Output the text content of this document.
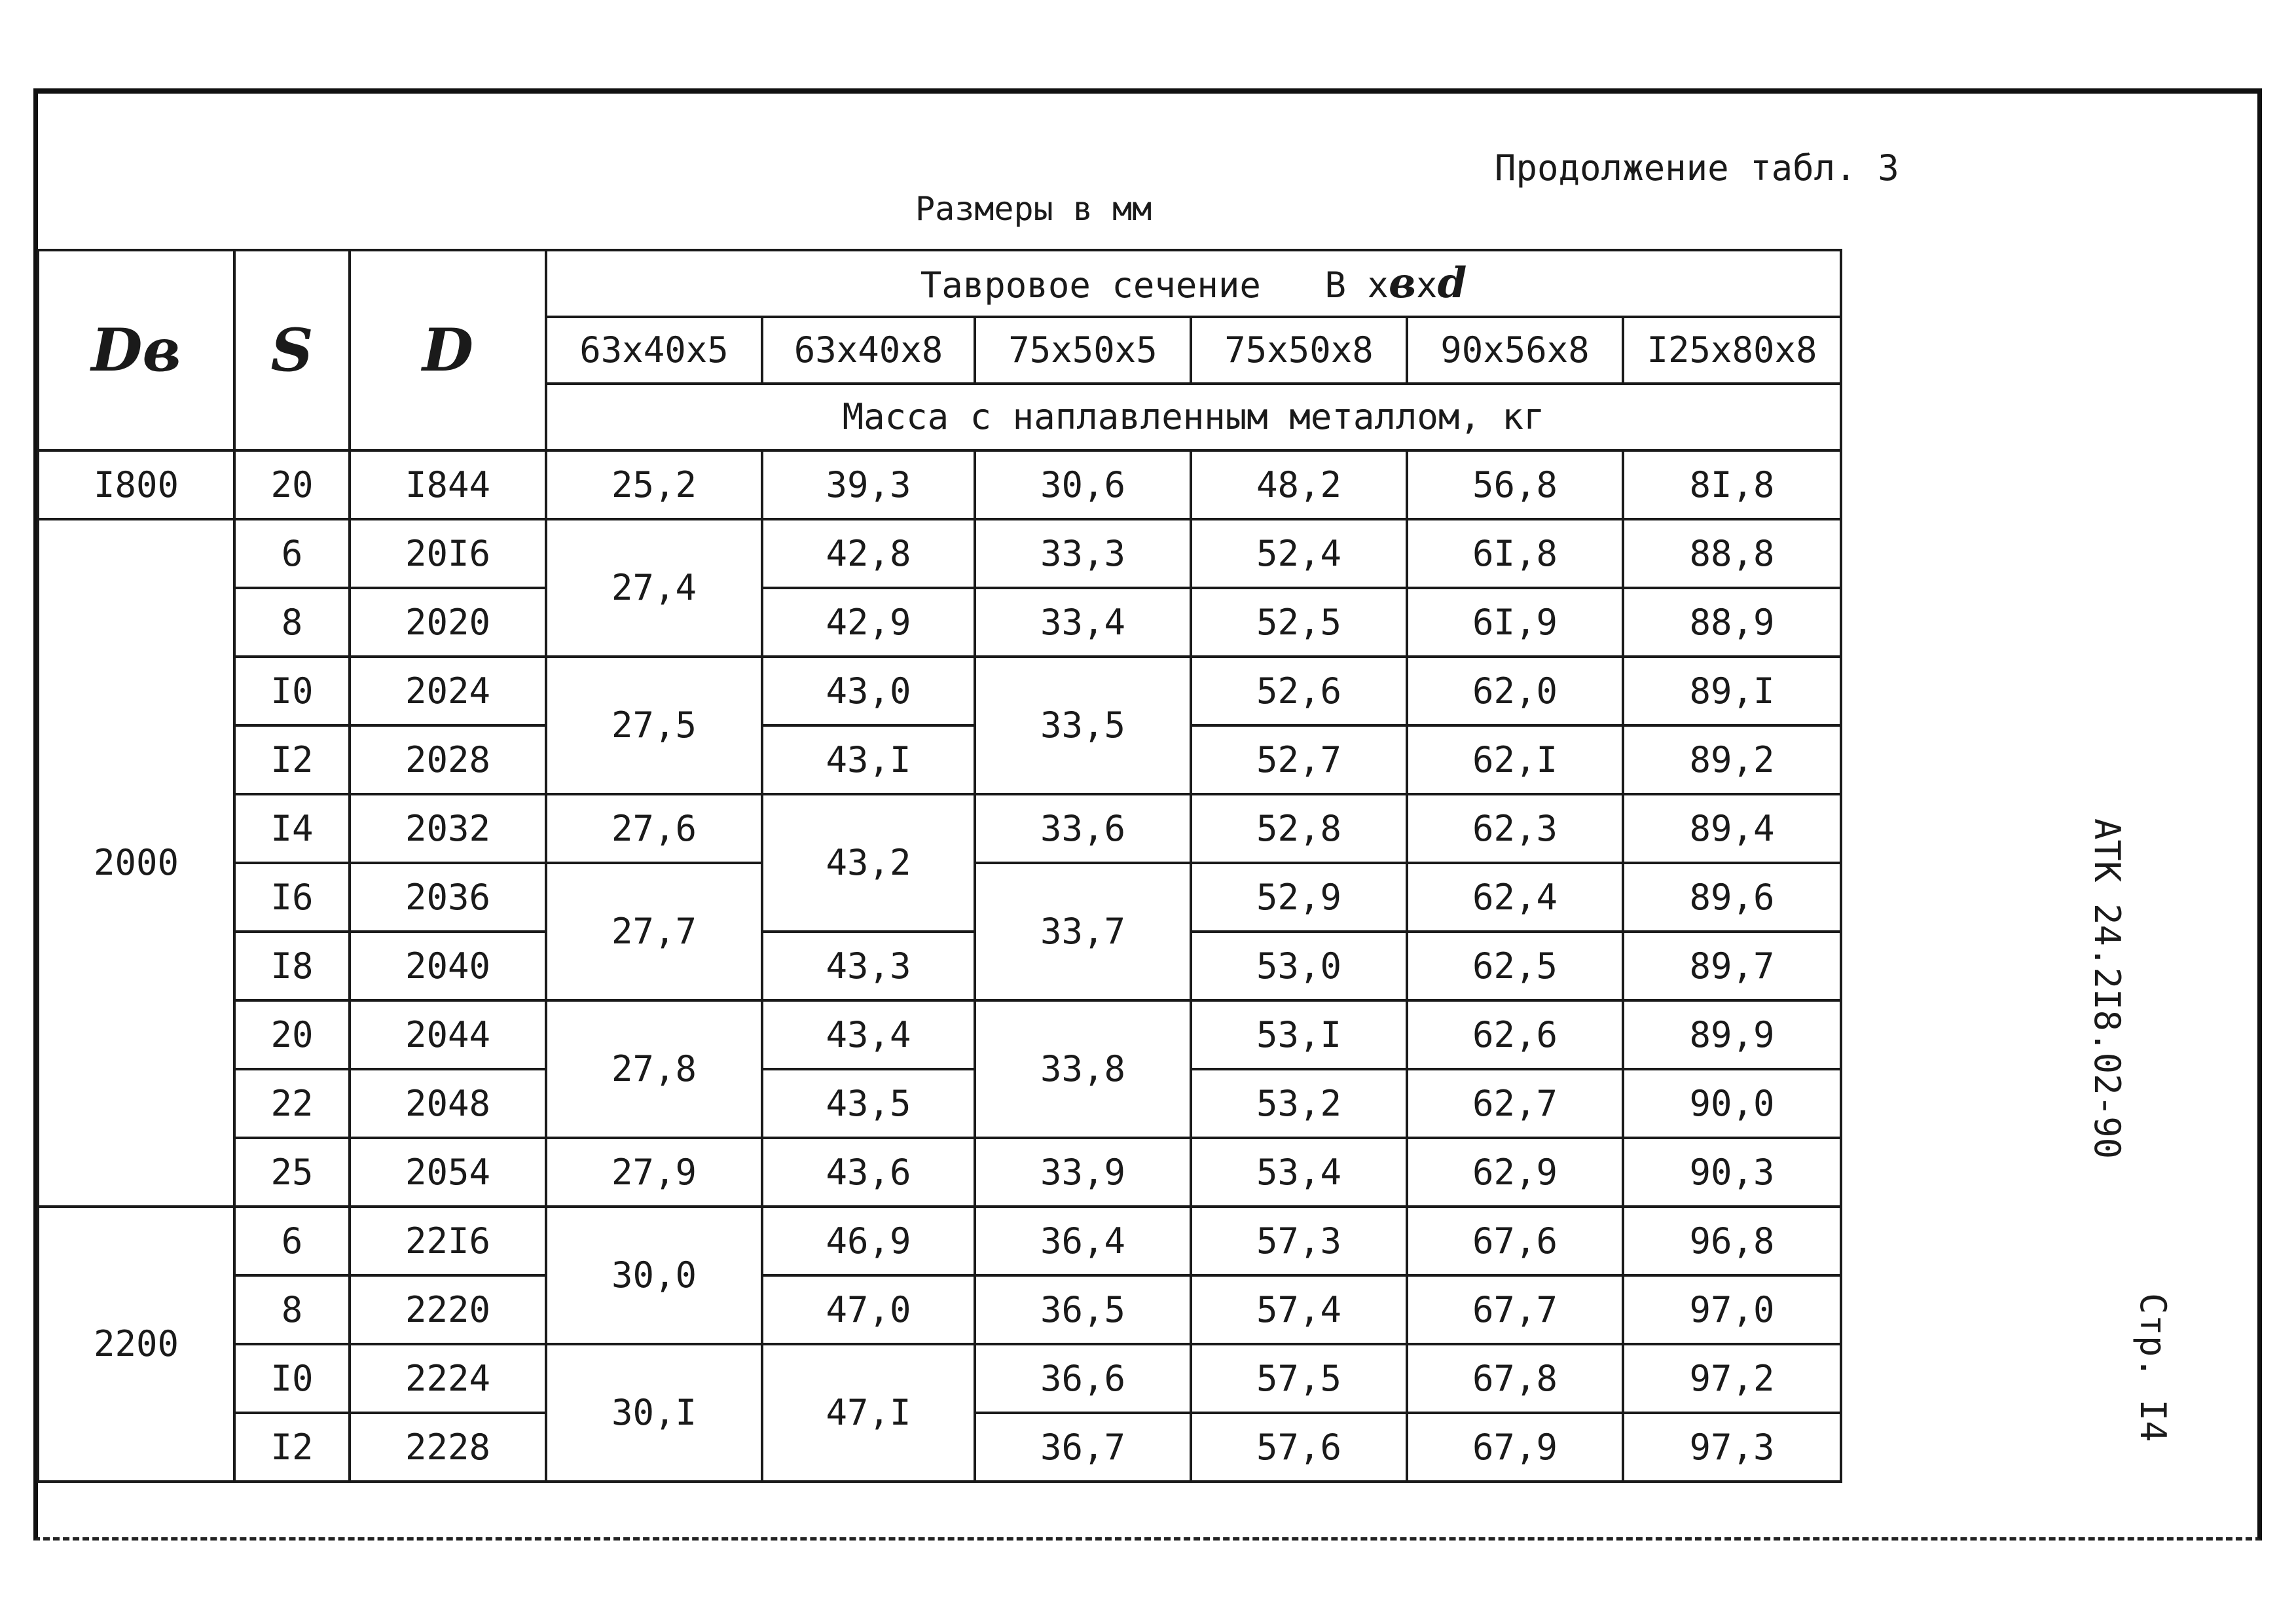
Продолжение табл. 3
Размеры в мм
Dв	S	D	Тавровое сечение В хвхd					
			63х40х5	63х40х8	75х50х5	75х50х8	90х56х8	I25х80х8
			Масса с наплавленным металлом, кг					
I800	20	I844	25,2	39,3	30,6	48,2	56,8	8I,8
2000	6	20I6	27,4	42,8	33,3	52,4	6I,8	88,8
	8	2020		42,9	33,4	52,5	6I,9	88,9
	I0	2024	27,5	43,0	33,5	52,6	62,0	89,I
	I2	2028		43,I		52,7	62,I	89,2
	I4	2032	27,6	43,2	33,6	52,8	62,3	89,4
	I6	2036	27,7		33,7	52,9	62,4	89,6
	I8	2040		43,3		53,0	62,5	89,7
	20	2044	27,8	43,4	33,8	53,I	62,6	89,9
	22	2048		43,5		53,2	62,7	90,0
	25	2054	27,9	43,6	33,9	53,4	62,9	90,3
2200	6	22I6	30,0	46,9	36,4	57,3	67,6	96,8
	8	2220		47,0	36,5	57,4	67,7	97,0
	I0	2224	30,I	47,I	36,6	57,5	67,8	97,2
	I2	2228			36,7	57,6	67,9	97,3
АТК 24.2I8.02-90
Стр. I4
